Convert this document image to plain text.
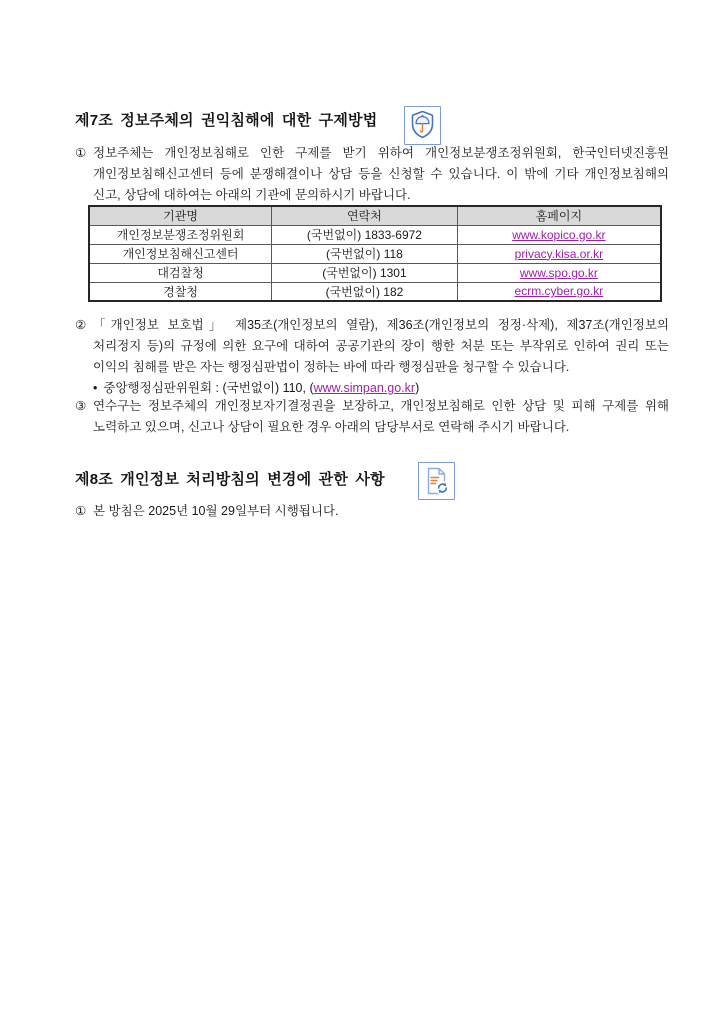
제7조 정보주체의 권익침해에 대한 구제방법
① 정보주체는 개인정보침해로 인한 구제를 받기 위하여 개인정보분쟁조정위원회, 한국인터넷진흥원 개인정보침해신고센터 등에 분쟁해결이나 상담 등을 신청할 수 있습니다. 이 밖에 기타 개인정보침해의 신고, 상담에 대하여는 아래의 기관에 문의하시기 바랍니다.
기관명	연락처	홈페이지
개인정보분쟁조정위원회	(국번없이) 1833-6972	www.kopico.go.kr
개인정보침해신고센터	(국번없이) 118	privacy.kisa.or.kr
대검찰청	(국번없이) 1301	www.spo.go.kr
경찰청	(국번없이) 182	ecrm.cyber.go.kr
② 「개인정보 보호법」 제35조(개인정보의 열람), 제36조(개인정보의 정정·삭제), 제37조(개인정보의 처리정지 등)의 규정에 의한 요구에 대하여 공공기관의 장이 행한 처분 또는 부작위로 인하여 권리 또는 이익의 침해를 받은 자는 행정심판법이 정하는 바에 따라 행정심판을 청구할 수 있습니다.
• 중앙행정심판위원회 : (국번없이) 110, (www.simpan.go.kr)
③ 연수구는 정보주체의 개인정보자기결정권을 보장하고, 개인정보침해로 인한 상담 및 피해 구제를 위해 노력하고 있으며, 신고나 상담이 필요한 경우 아래의 담당부서로 연락해 주시기 바랍니다.
제8조 개인정보 처리방침의 변경에 관한 사항
① 본 방침은 2025년 10월 29일부터 시행됩니다.
